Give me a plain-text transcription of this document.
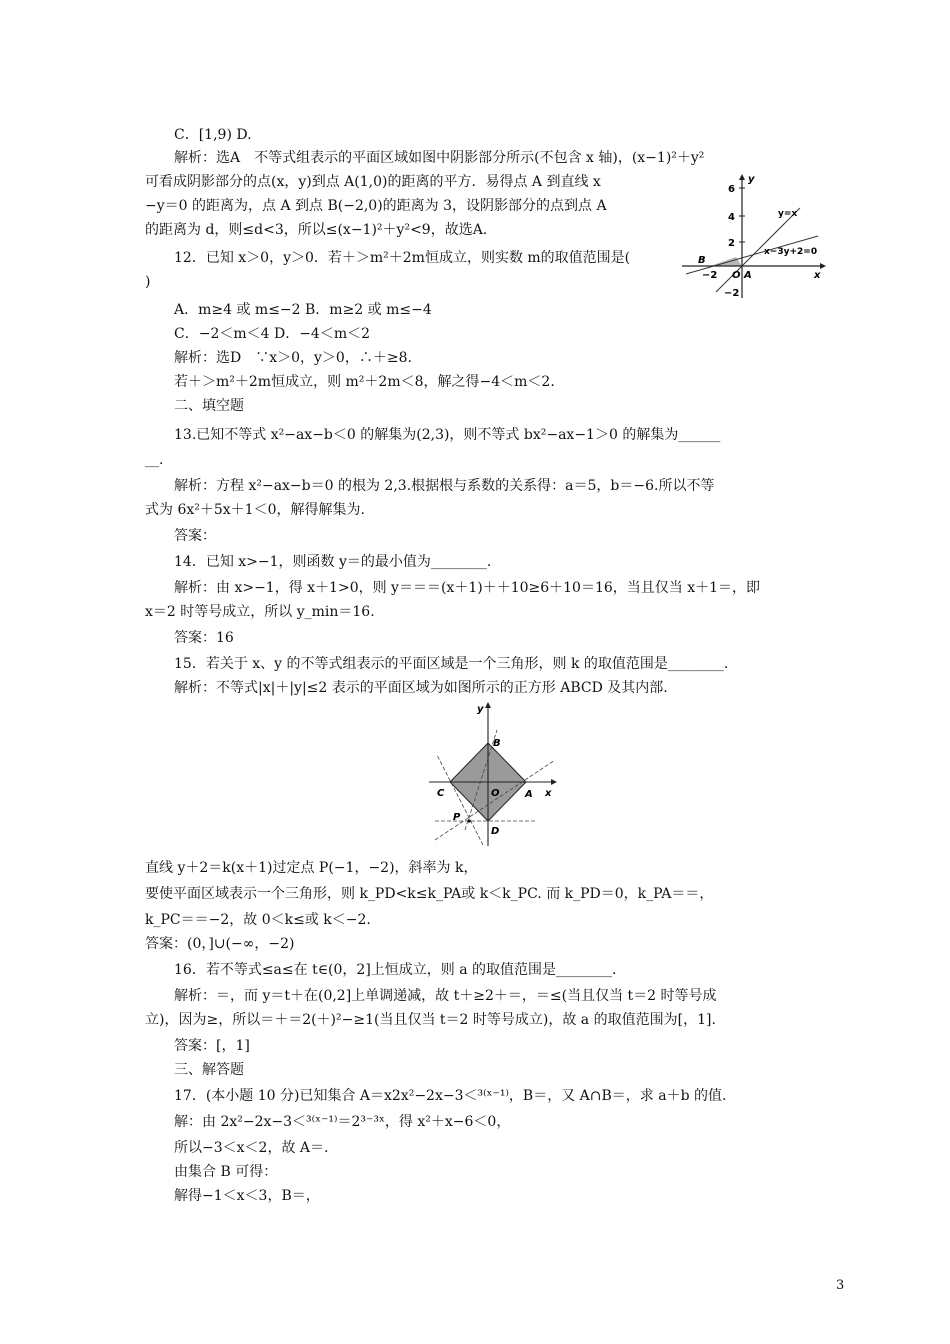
C．[1,9) D.
解析：选A　不等式组表示的平面区域如图中阴影部分所示(不包含 x 轴)，(x−1)²＋y²
可看成阴影部分的点(x，y)到点 A(1,0)的距离的平方．易得点 A 到直线 x
−y＝0 的距离为，点 A 到点 B(−2,0)的距离为 3，设阴影部分的点到点 A
的距离为 d，则≤d<3，所以≤(x−1)²＋y²<9，故选A.
12．已知 x＞0，y＞0．若＋＞m²＋2m恒成立，则实数 m的取值范围是(
)
A．m≥4 或 m≤−2 B．m≥2 或 m≤−4
C．−2＜m＜4 D．−4＜m＜2
解析：选D　∵x＞0，y＞0，∴＋≥8.
若＋＞m²＋2m恒成立，则 m²＋2m＜8，解之得−4＜m＜2.
二、填空题
13.已知不等式 x²−ax−b＜0 的解集为(2,3)，则不等式 bx²−ax−1＞0 的解集为______
__.
解析：方程 x²−ax−b＝0 的根为 2,3.根据根与系数的关系得：a＝5，b＝−6.所以不等
式为 6x²＋5x＋1＜0，解得解集为.
答案：
14．已知 x>−1，则函数 y＝的最小值为________.
解析：由 x>−1，得 x＋1>0，则 y＝＝＝(x＋1)＋＋10≥6＋10＝16，当且仅当 x＋1＝，即
x＝2 时等号成立，所以 y_min＝16.
答案：16
15．若关于 x、y 的不等式组表示的平面区域是一个三角形，则 k 的取值范围是________.
解析：不等式|x|＋|y|≤2 表示的平面区域为如图所示的正方形 ABCD 及其内部.
直线 y＋2＝k(x＋1)过定点 P(−1，−2)，斜率为 k，
要使平面区域表示一个三角形，则 k_PD<k≤k_PA或 k＜k_PC. 而 k_PD＝0，k_PA＝＝，
k_PC＝＝−2，故 0＜k≤或 k＜−2.
答案：(0，]∪(−∞，−2)
16．若不等式≤a≤在 t∈(0，2]上恒成立，则 a 的取值范围是________.
解析：＝，而 y＝t＋在(0,2]上单调递减，故 t＋≥2＋＝，＝≤(当且仅当 t＝2 时等号成
立)，因为≥，所以＝＋＝2(＋)²−≥1(当且仅当 t＝2 时等号成立)，故 a 的取值范围为[，1].
答案：[，1]
三、解答题
17．(本小题 10 分)已知集合 A＝x2x²−2x−3＜³⁽ˣ⁻¹⁾，B＝，又 A∩B＝，求 a＋b 的值.
解：由 2x²−2x−3＜³⁽ˣ⁻¹⁾＝2³⁻³ˣ，得 x²＋x−6＜0，
所以−3＜x＜2，故 A＝.
由集合 B 可得：
解得−1＜x＜3，B＝，
y
6
4
2
y=x
x−3y+2=0
B
−2 O A	x
−2
y
B
C	O	A x
P
D
3
